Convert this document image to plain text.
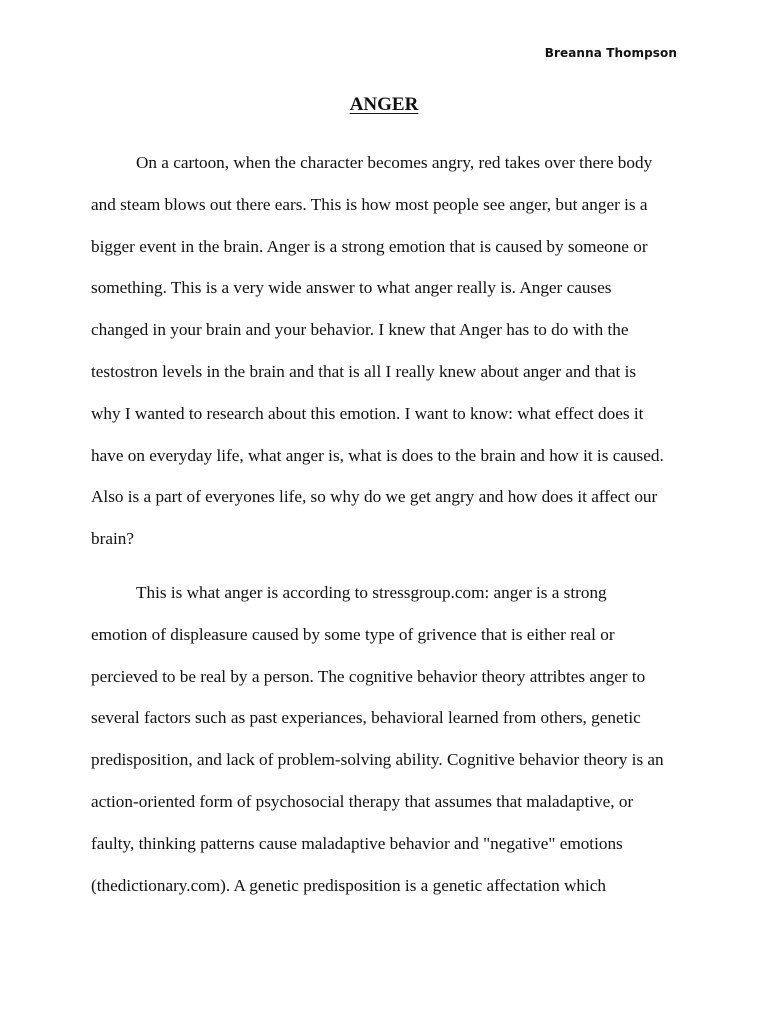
Breanna Thompson
ANGER

On a cartoon, when the character becomes angry, red takes over there body
and steam blows out there ears. This is how most people see anger, but anger is a
bigger event in the brain. Anger is a strong emotion that is caused by someone or
something. This is a very wide answer to what anger really is. Anger causes
changed in your brain and your behavior. I knew that Anger has to do with the
testostron levels in the brain and that is all I really knew about anger and that is
why I wanted to research about this emotion. I want to know: what effect does it
have on everyday life, what anger is, what is does to the brain and how it is caused.
Also is a part of everyones life, so why do we get angry and how does it affect our
brain?

This is what anger is according to stressgroup.com: anger is a strong
emotion of displeasure caused by some type of grivence that is either real or
percieved to be real by a person. The cognitive behavior theory attribtes anger to
several factors such as past experiances, behavioral learned from others, genetic
predisposition, and lack of problem-solving ability. Cognitive behavior theory is an
action-oriented form of psychosocial therapy that assumes that maladaptive, or
faulty, thinking patterns cause maladaptive behavior and "negative" emotions
(thedictionary.com). A genetic predisposition is a genetic affectation which
